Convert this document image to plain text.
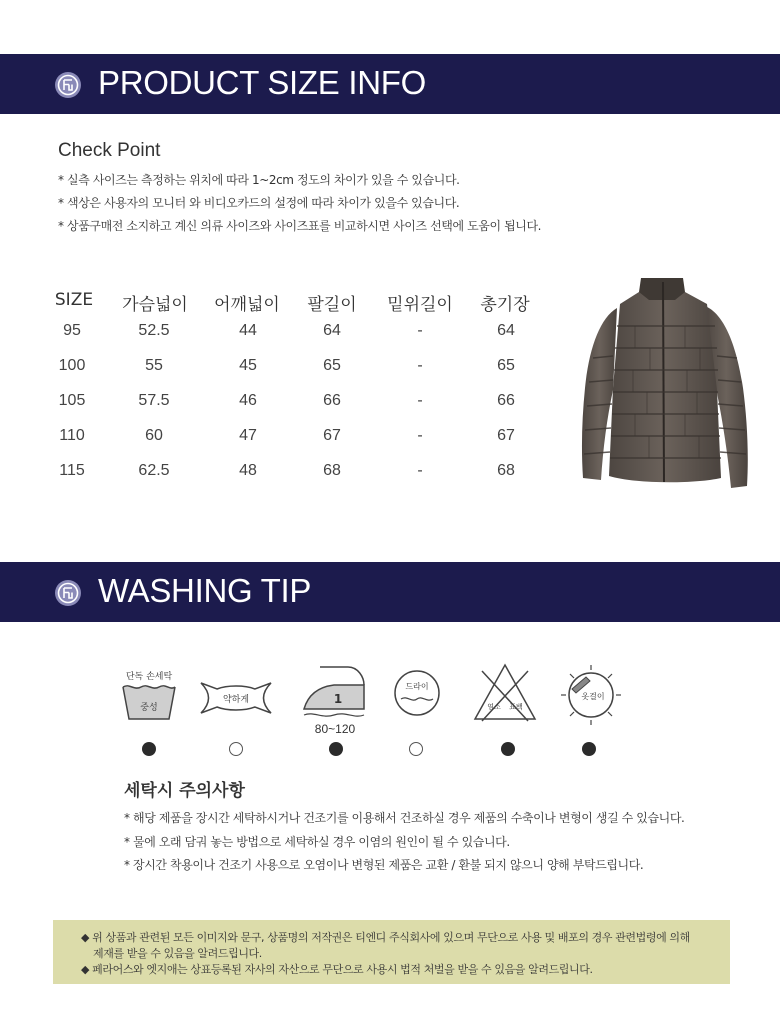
PRODUCT SIZE INFO
Check Point
* 실측 사이즈는 측정하는 위치에 따라 1~2cm 정도의 차이가 있을 수 있습니다.
* 색상은 사용자의 모니터 와 비디오카드의 설정에 따라 차이가 있을수 있습니다.
* 상품구매전 소지하고 계신 의류 사이즈와 사이즈표를 비교하시면 사이즈 선택에 도움이 됩니다.
SIZE	가슴넓이	어깨넓이	팔길이	밑위길이	총기장
95	52.5	44	64	-	64
100	55	45	65	-	65
105	57.5	46	66	-	66
110	60	47	67	-	67
115	62.5	48	68	-	68
WASHING TIP
단독 손세탁
중성
약하게	1
80~120
드라이
염소 표백
옷걸이
세탁시 주의사항
* 해당 제품을 장시간 세탁하시거나 건조기를 이용해서 건조하실 경우 제품의 수축이나 변형이 생길 수 있습니다.
* 물에 오래 담궈 놓는 방법으로 세탁하실 경우 이염의 원인이 될 수 있습니다.
* 장시간 착용이나 건조기 사용으로 오염이나 변형된 제품은 교환 / 환불 되지 않으니 양해 부탁드립니다.
◆ 위 상품과 관련된 모든 이미지와 문구, 상품명의 저작권은 티엔디 주식회사에 있으며 무단으로 사용 및 배포의 경우 관련법령에 의해
제재를 받을 수 있음을 알려드립니다.
◆ 페라어스와 엣지애는 상표등록된 자사의 자산으로 무단으로 사용시 법적 처벌을 받을 수 있음을 알려드립니다.
